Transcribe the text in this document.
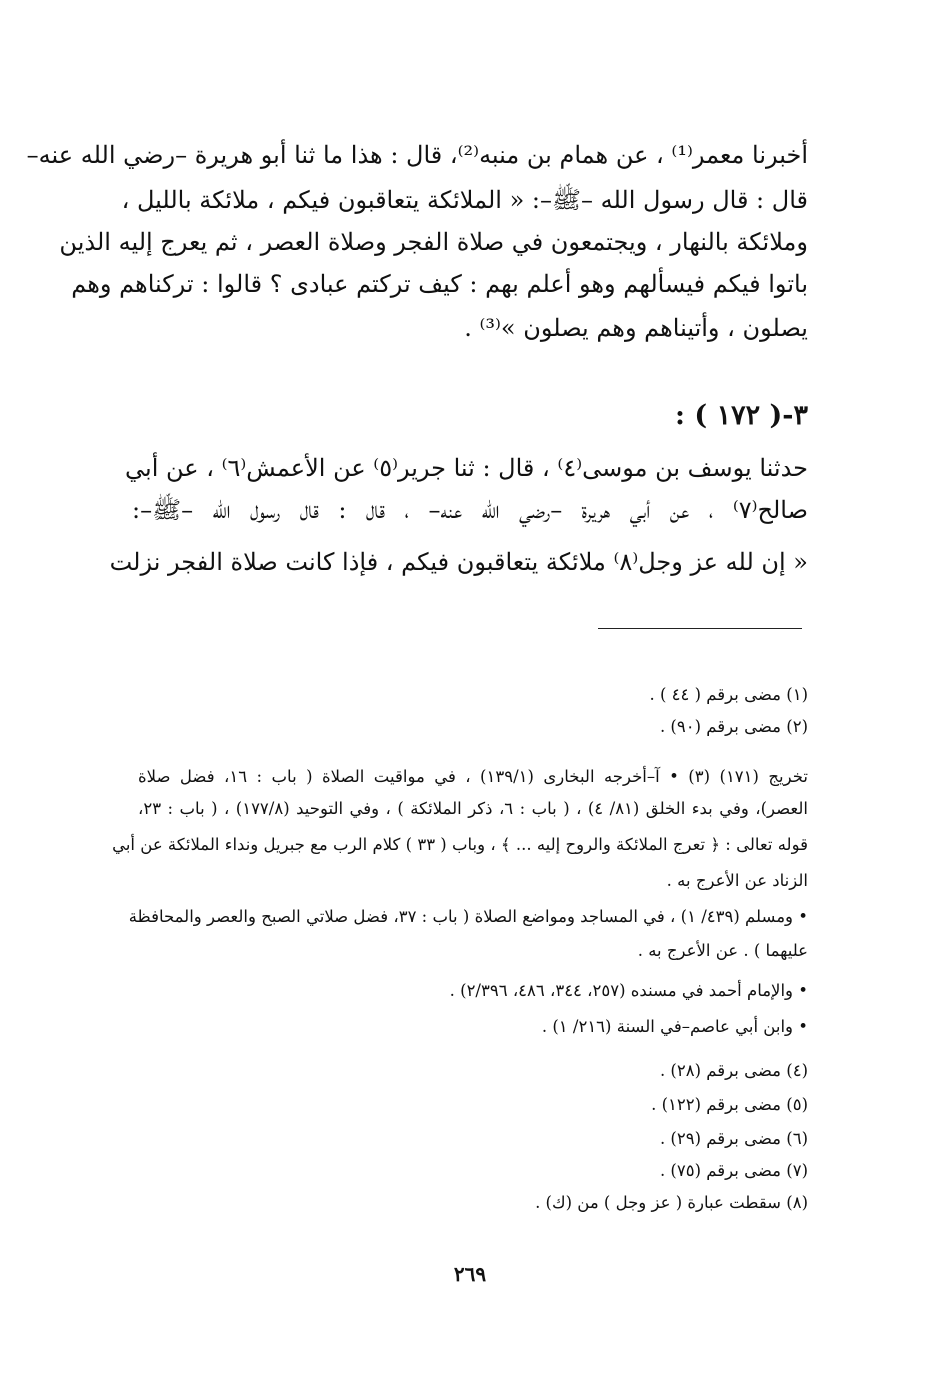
أخبرنا معمر⁽¹⁾ ، عن همام بن منبه⁽²⁾، قال : هذا ما ثنا أبو هريرة –رضي الله عنه–
قال : قال رسول الله –ﷺ–: « الملائكة يتعاقبون فيكم ، ملائكة بالليل ،
وملائكة بالنهار ، ويجتمعون في صلاة الفجر وصلاة العصر ، ثم يعرج إليه الذين
باتوا فيكم فيسألهم وهو أعلم بهم : كيف تركتم عبادى ؟ قالوا : تركناهم وهم
يصلون ، وأتيناهم وهم يصلون »⁽³⁾ .
٣-( ١٧٢ ) :
حدثنا يوسف بن موسى⁽٤⁾ ، قال : ثنا جرير⁽٥⁾ عن الأعمش⁽٦⁾ ، عن أبي
صالح⁽٧⁾ ، عن أبي هريرة –رضي الله عنه– ، قال : قال رسول الله –ﷺ–:
« إن لله عز وجل⁽٨⁾ ملائكة يتعاقبون فيكم ، فإذا كانت صلاة الفجر نزلت
(١) مضى برقم ( ٤٤ ) .
(٢) مضى برقم (٩٠) .
تخريج (١٧١) (٣) • آ–أخرجه البخارى (١٣٩/١) ، في مواقيت الصلاة ( باب : ١٦، فضل صلاة
العصر)، وفي بدء الخلق (٨١/ ٤) ، ( باب : ٦، ذكر الملائكة ) ، وفي التوحيد (١٧٧/٨) ، ( باب : ٢٣،
قوله تعالى : ﴿ تعرج الملائكة والروح إليه ... ﴾ ، وباب ( ٣٣ ) كلام الرب مع جبريل ونداء الملائكة عن أبي
الزناد عن الأعرج به .
• ومسلم (٤٣٩/ ١) ، في المساجد ومواضع الصلاة ( باب : ٣٧، فضل صلاتي الصبح والعصر والمحافظة
عليهما ) . عن الأعرج به .
• والإمام أحمد في مسنده (٢٥٧، ٣٤٤، ٤٨٦، ٢/٣٩٦) .
• وابن أبي عاصم–في السنة (٢١٦/ ١) .
(٤) مضى برقم (٢٨) .
(٥) مضى برقم (١٢٢) .
(٦) مضى برقم (٢٩) .
(٧) مضى برقم (٧٥) .
(٨) سقطت عبارة ( عز وجل ) من (ك) .
٢٦٩
